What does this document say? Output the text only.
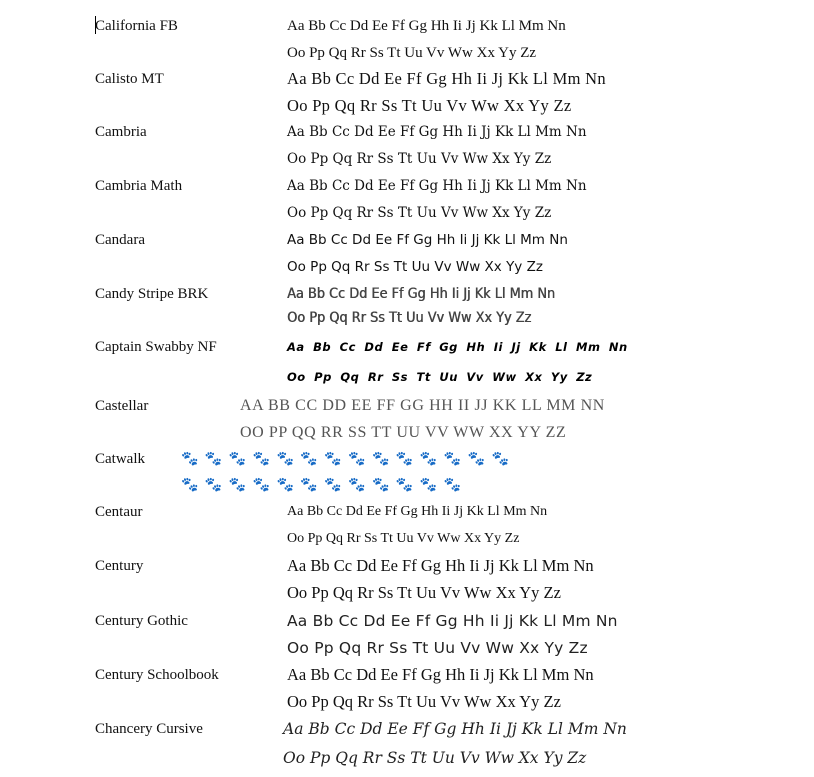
California FB	Aa Bb Cc Dd Ee Ff Gg Hh Ii Jj Kk Ll Mm Nn
Oo Pp Qq Rr Ss Tt Uu Vv Ww Xx Yy Zz
Calisto MT	Aa Bb Cc Dd Ee Ff Gg Hh Ii Jj Kk Ll Mm Nn
Oo Pp Qq Rr Ss Tt Uu Vv Ww Xx Yy Zz
Cambria	Aa Bb Cc Dd Ee Ff Gg Hh Ii Jj Kk Ll Mm Nn
Oo Pp Qq Rr Ss Tt Uu Vv Ww Xx Yy Zz
Cambria Math	Aa Bb Cc Dd Ee Ff Gg Hh Ii Jj Kk Ll Mm Nn
Oo Pp Qq Rr Ss Tt Uu Vv Ww Xx Yy Zz
Candara	Aa Bb Cc Dd Ee Ff Gg Hh Ii Jj Kk Ll Mm Nn
Oo Pp Qq Rr Ss Tt Uu Vv Ww Xx Yy Zz
Candy Stripe BRK	Aa Bb Cc Dd Ee Ff Gg Hh Ii Jj Kk Ll Mm Nn
Oo Pp Qq Rr Ss Tt Uu Vv Ww Xx Yy Zz
Captain Swabby NF	Aa Bb Cc Dd Ee Ff Gg Hh Ii Jj Kk Ll Mm Nn
Oo Pp Qq Rr Ss Tt Uu Vv Ww Xx Yy Zz
Castellar	AA BB CC DD EE FF GG HH II JJ KK LL MM NN
OO PP QQ RR SS TT UU VV WW XX YY ZZ
Catwalk	🐾 🐾 🐾 🐾 🐾 🐾 🐾 🐾 🐾 🐾 🐾 🐾 🐾 🐾
🐾 🐾 🐾 🐾 🐾 🐾 🐾 🐾 🐾 🐾 🐾 🐾
Centaur	Aa Bb Cc Dd Ee Ff Gg Hh Ii Jj Kk Ll Mm Nn
Oo Pp Qq Rr Ss Tt Uu Vv Ww Xx Yy Zz
Century	Aa Bb Cc Dd Ee Ff Gg Hh Ii Jj Kk Ll Mm Nn
Oo Pp Qq Rr Ss Tt Uu Vv Ww Xx Yy Zz
Century Gothic	Aa Bb Cc Dd Ee Ff Gg Hh Ii Jj Kk Ll Mm Nn
Oo Pp Qq Rr Ss Tt Uu Vv Ww Xx Yy Zz
Century Schoolbook	Aa Bb Cc Dd Ee Ff Gg Hh Ii Jj Kk Ll Mm Nn
Oo Pp Qq Rr Ss Tt Uu Vv Ww Xx Yy Zz
Chancery Cursive	Aa Bb Cc Dd Ee Ff Gg Hh Ii Jj Kk Ll Mm Nn
Oo Pp Qq Rr Ss Tt Uu Vv Ww Xx Yy Zz
